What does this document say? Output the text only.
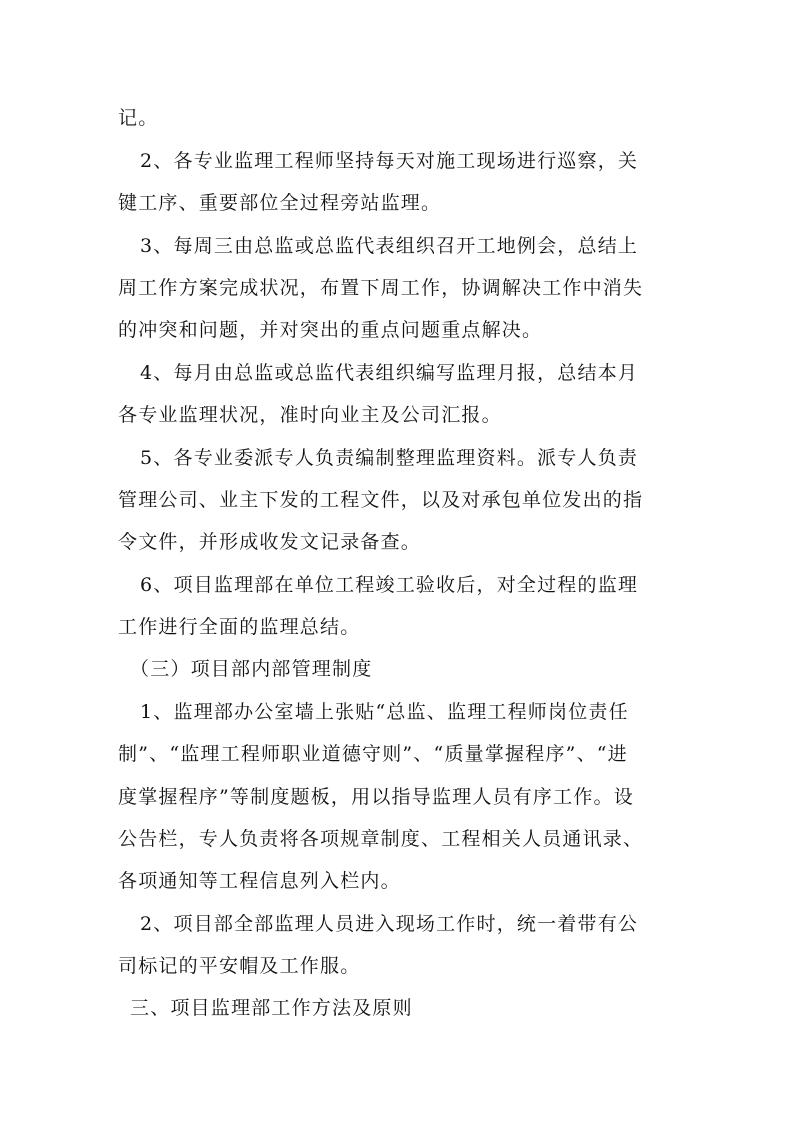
记。
2、各专业监理工程师坚持每天对施工现场进行巡察，关
键工序、重要部位全过程旁站监理。
3、每周三由总监或总监代表组织召开工地例会，总结上
周工作方案完成状况，布置下周工作，协调解决工作中消失
的冲突和问题，并对突出的重点问题重点解决。
4、每月由总监或总监代表组织编写监理月报，总结本月
各专业监理状况，准时向业主及公司汇报。
5、各专业委派专人负责编制整理监理资料。派专人负责
管理公司、业主下发的工程文件，以及对承包单位发出的指
令文件，并形成收发文记录备查。
6、项目监理部在单位工程竣工验收后，对全过程的监理
工作进行全面的监理总结。
（三）项目部内部管理制度
1、监理部办公室墙上张贴“总监、监理工程师岗位责任
制”、“监理工程师职业道德守则”、“质量掌握程序”、“进
度掌握程序”等制度题板，用以指导监理人员有序工作。设
公告栏，专人负责将各项规章制度、工程相关人员通讯录、
各项通知等工程信息列入栏内。
2、项目部全部监理人员进入现场工作时，统一着带有公
司标记的平安帽及工作服。
三、项目监理部工作方法及原则
